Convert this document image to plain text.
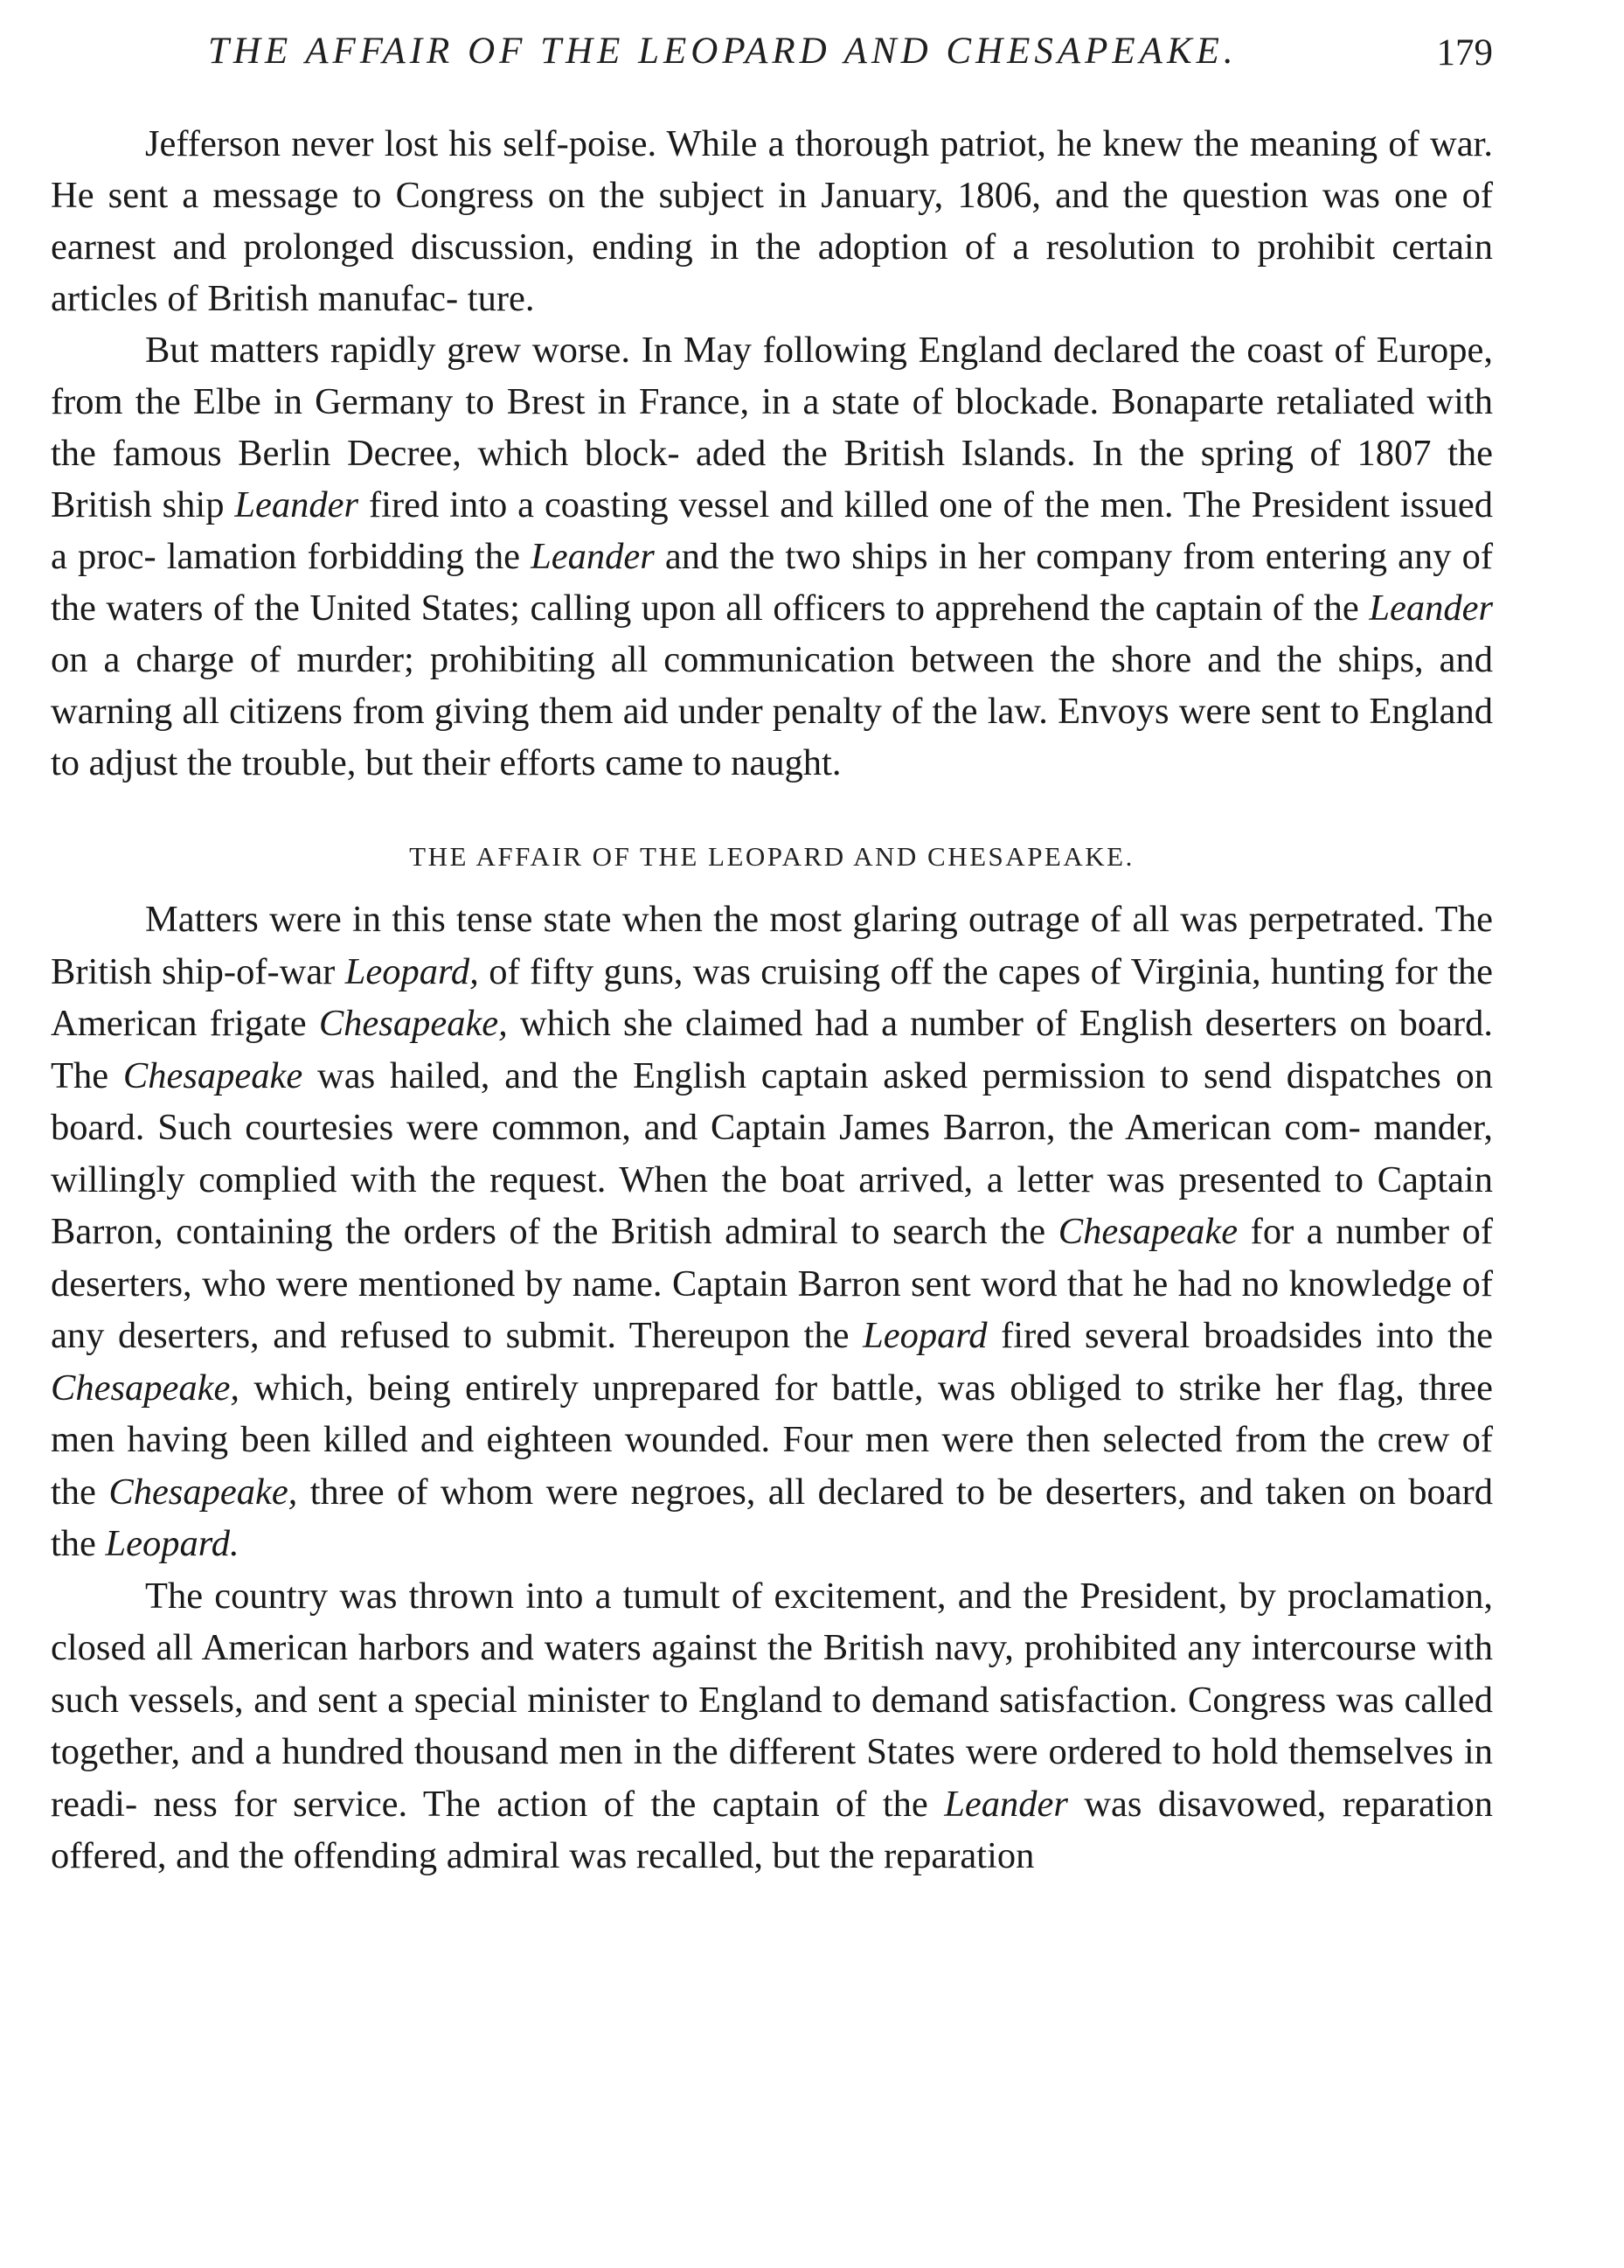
THE AFFAIR OF THE LEOPARD AND CHESAPEAKE.	179

Jefferson never lost his self-poise. While a thorough patriot, he knew the meaning of war. He sent a message to Congress on the subject in January, 1806, and the question was one of earnest and prolonged discussion, ending in the adoption of a resolution to prohibit certain articles of British manufac- ture.

But matters rapidly grew worse. In May following England declared the coast of Europe, from the Elbe in Germany to Brest in France, in a state of blockade. Bonaparte retaliated with the famous Berlin Decree, which block- aded the British Islands. In the spring of 1807 the British ship Leander fired into a coasting vessel and killed one of the men. The President issued a proc- lamation forbidding the Leander and the two ships in her company from entering any of the waters of the United States; calling upon all officers to apprehend the captain of the Leander on a charge of murder; prohibiting all communication between the shore and the ships, and warning all citizens from giving them aid under penalty of the law. Envoys were sent to England to adjust the trouble, but their efforts came to naught.

THE AFFAIR OF THE LEOPARD AND CHESAPEAKE.

Matters were in this tense state when the most glaring outrage of all was perpetrated. The British ship-of-war Leopard, of fifty guns, was cruising off the capes of Virginia, hunting for the American frigate Chesapeake, which she claimed had a number of English deserters on board. The Chesapeake was hailed, and the English captain asked permission to send dispatches on board. Such courtesies were common, and Captain James Barron, the American com- mander, willingly complied with the request. When the boat arrived, a letter was presented to Captain Barron, containing the orders of the British admiral to search the Chesapeake for a number of deserters, who were mentioned by name. Captain Barron sent word that he had no knowledge of any deserters, and refused to submit. Thereupon the Leopard fired several broadsides into the Chesapeake, which, being entirely unprepared for battle, was obliged to strike her flag, three men having been killed and eighteen wounded. Four men were then selected from the crew of the Chesapeake, three of whom were negroes, all declared to be deserters, and taken on board the Leopard.

The country was thrown into a tumult of excitement, and the President, by proclamation, closed all American harbors and waters against the British navy, prohibited any intercourse with such vessels, and sent a special minister to England to demand satisfaction. Congress was called together, and a hundred thousand men in the different States were ordered to hold themselves in readi- ness for service. The action of the captain of the Leander was disavowed, reparation offered, and the offending admiral was recalled, but the reparation
